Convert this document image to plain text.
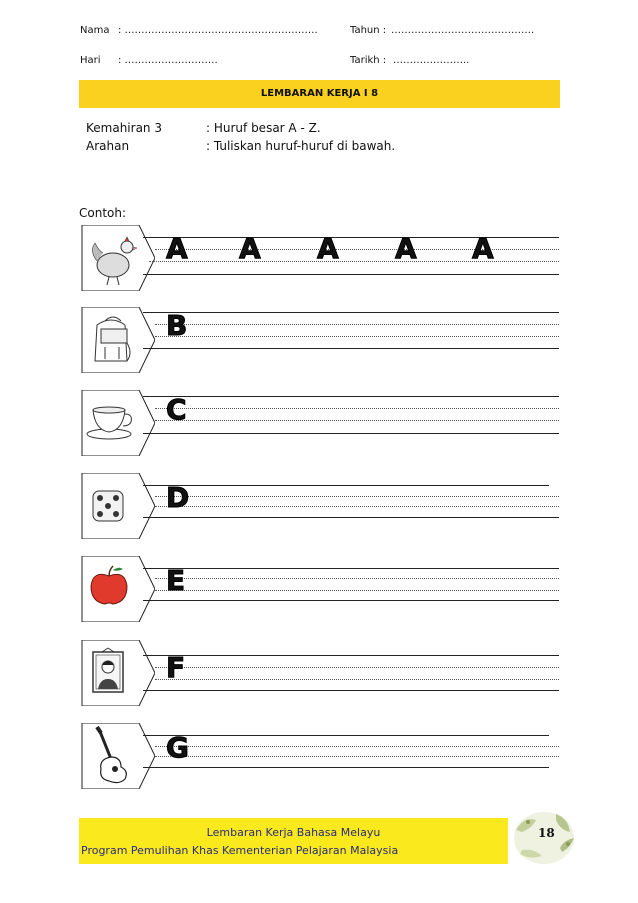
Nama : ………………………………………………….	Tahun : …………………………………….
Hari : ……………………….	Tarikh : …………………..
LEMBARAN KERJA I 8
Kemahiran 3	: Huruf besar A - Z.
Arahan	: Tuliskan huruf-huruf di bawah.
Contoh:
A A A A A
B
C
D
E
F
G
Lembaran Kerja Bahasa Melayu
Program Pemulihan Khas Kementerian Pelajaran Malaysia
18
